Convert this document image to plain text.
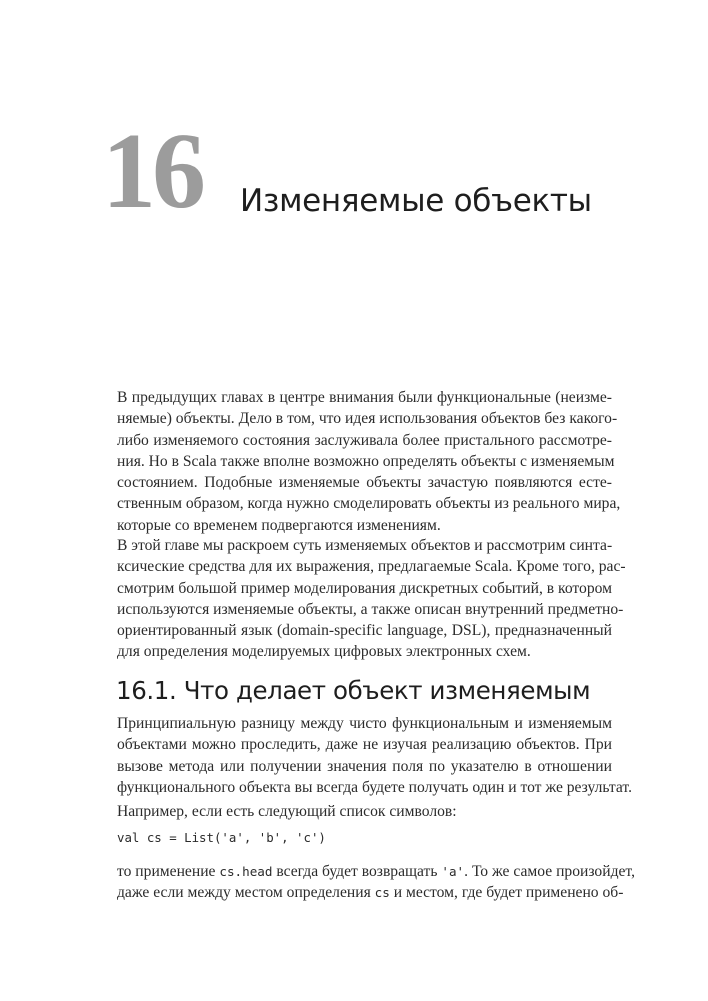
16 Изменяемые объекты
В предыдущих главах в центре внимания были функциональные (неизме-
няемые) объекты. Дело в том, что идея использования объектов без какого-
либо изменяемого состояния заслуживала более пристального рассмотре-
ния. Но в Scala также вполне возможно определять объекты с изменяемым
состоянием. Подобные изменяемые объекты зачастую появляются есте-
ственным образом, когда нужно смоделировать объекты из реального мира,
которые со временем подвергаются изменениям.
В этой главе мы раскроем суть изменяемых объектов и рассмотрим синта-
ксические средства для их выражения, предлагаемые Scala. Кроме того, рас-
смотрим большой пример моделирования дискретных событий, в котором
используются изменяемые объекты, а также описан внутренний предметно-
ориентированный язык (domain-specific language, DSL), предназначенный
для определения моделируемых цифровых электронных схем.
16.1. Что делает объект изменяемым
Принципиальную разницу между чисто функциональным и изменяемым
объектами можно проследить, даже не изучая реализацию объектов. При
вызове метода или получении значения поля по указателю в отношении
функционального объекта вы всегда будете получать один и тот же результат.
Например, если есть следующий список символов:
val cs = List('a', 'b', 'c')
то применение cs.head всегда будет возвращать 'a'. То же самое произойдет,
даже если между местом определения cs и местом, где будет применено об-
